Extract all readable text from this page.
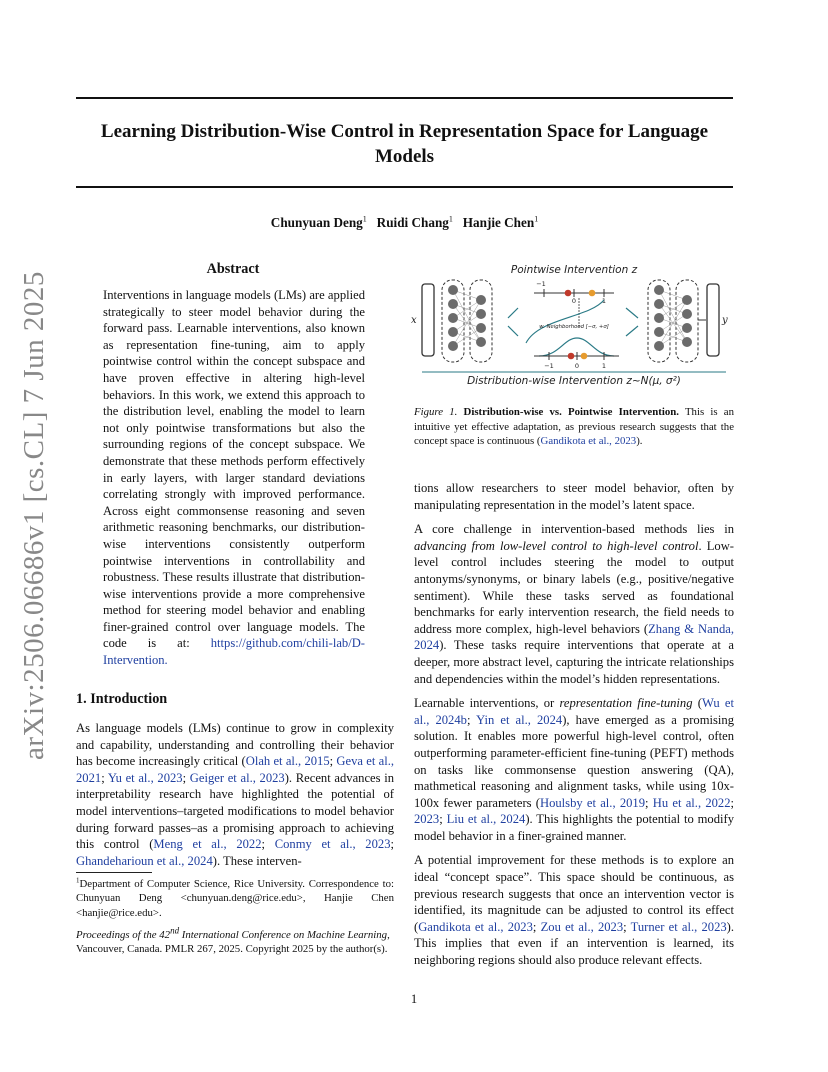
arXiv:2506.06686v1 [cs.CL] 7 Jun 2025
Learning Distribution-Wise Control in Representation Space for Language Models
Chunyuan Deng$^1$ Ruidi Chang$^1$ Hanjie Chen$^1$
Abstract
Interventions in language models (LMs) are applied strategically to steer model behavior during the forward pass. Learnable interventions, also known as representation fine-tuning, aim to apply pointwise control within the concept subspace and have proven effective in altering high-level behaviors. In this work, we extend this approach to the distribution level, enabling the model to learn not only pointwise transformations but also the surrounding regions of the concept subspace. We demonstrate that these methods perform effectively in early layers, with larger standard deviations correlating strongly with improved performance. Across eight commonsense reasoning and seven arithmetic reasoning benchmarks, our distribution-wise interventions consistently outperform pointwise interventions in controllability and robustness. These results illustrate that distribution-wise interventions provide a more comprehensive method for steering model behavior and enabling finer-grained control over language models. The code is at: https://github.com/chili-lab/D-Intervention.
1. Introduction
As language models (LMs) continue to grow in complexity and capability, understanding and controlling their behavior has become increasingly critical (Olah et al., 2015; Geva et al., 2021; Yu et al., 2023; Geiger et al., 2023). Recent advances in interpretability research have highlighted the potential of model interventions–targeted modifications to model behavior during forward passes–as a promising approach to achieving this control (Meng et al., 2022; Conmy et al., 2023; Ghandeharioun et al., 2024). These interven-
$^1$Department of Computer Science, Rice University. Correspondence to: Chunyuan Deng <chunyuan.deng@rice.edu>, Hanjie Chen <hanjie@rice.edu>.
Proceedings of the 42nd International Conference on Machine Learning, Vancouver, Canada. PMLR 267, 2025. Copyright 2025 by the author(s).
Pointwise Intervention z
x	y
−1
0	1
w. Neighborhood [−σ, +σ]
−1	0	1
Distribution-wise Intervention z~N(μ, σ²)
Figure 1. Distribution-wise vs. Pointwise Intervention. This is an intuitive yet effective adaptation, as previous research suggests that the concept space is continuous (Gandikota et al., 2023).

tions allow researchers to steer model behavior, often by manipulating representation in the model’s latent space.

A core challenge in intervention-based methods lies in advancing from low-level control to high-level control. Low-level control includes steering the model to output antonyms/synonyms, or binary labels (e.g., positive/negative sentiment). While these tasks served as foundational benchmarks for early intervention research, the field needs to address more complex, high-level behaviors (Zhang & Nanda, 2024). These tasks require interventions that operate at a deeper, more abstract level, capturing the intricate relationships and dependencies within the model’s hidden representations.

Learnable interventions, or representation fine-tuning (Wu et al., 2024b; Yin et al., 2024), have emerged as a promising solution. It enables more powerful high-level control, often outperforming parameter-efficient fine-tuning (PEFT) methods on tasks like commonsense question answering (QA), mathmetical reasoning and alignment tasks, while using 10x-100x fewer parameters (Houlsby et al., 2019; Hu et al., 2022; 2023; Liu et al., 2024). This highlights the potential to modify model behavior in a finer-grained manner.

A potential improvement for these methods is to explore an ideal “concept space”. This space should be continuous, as previous research suggests that once an intervention vector is identified, its magnitude can be adjusted to control its effect (Gandikota et al., 2023; Zou et al., 2023; Turner et al., 2023). This implies that even if an intervention is learned, its neighboring regions should also produce relevant effects.

1
